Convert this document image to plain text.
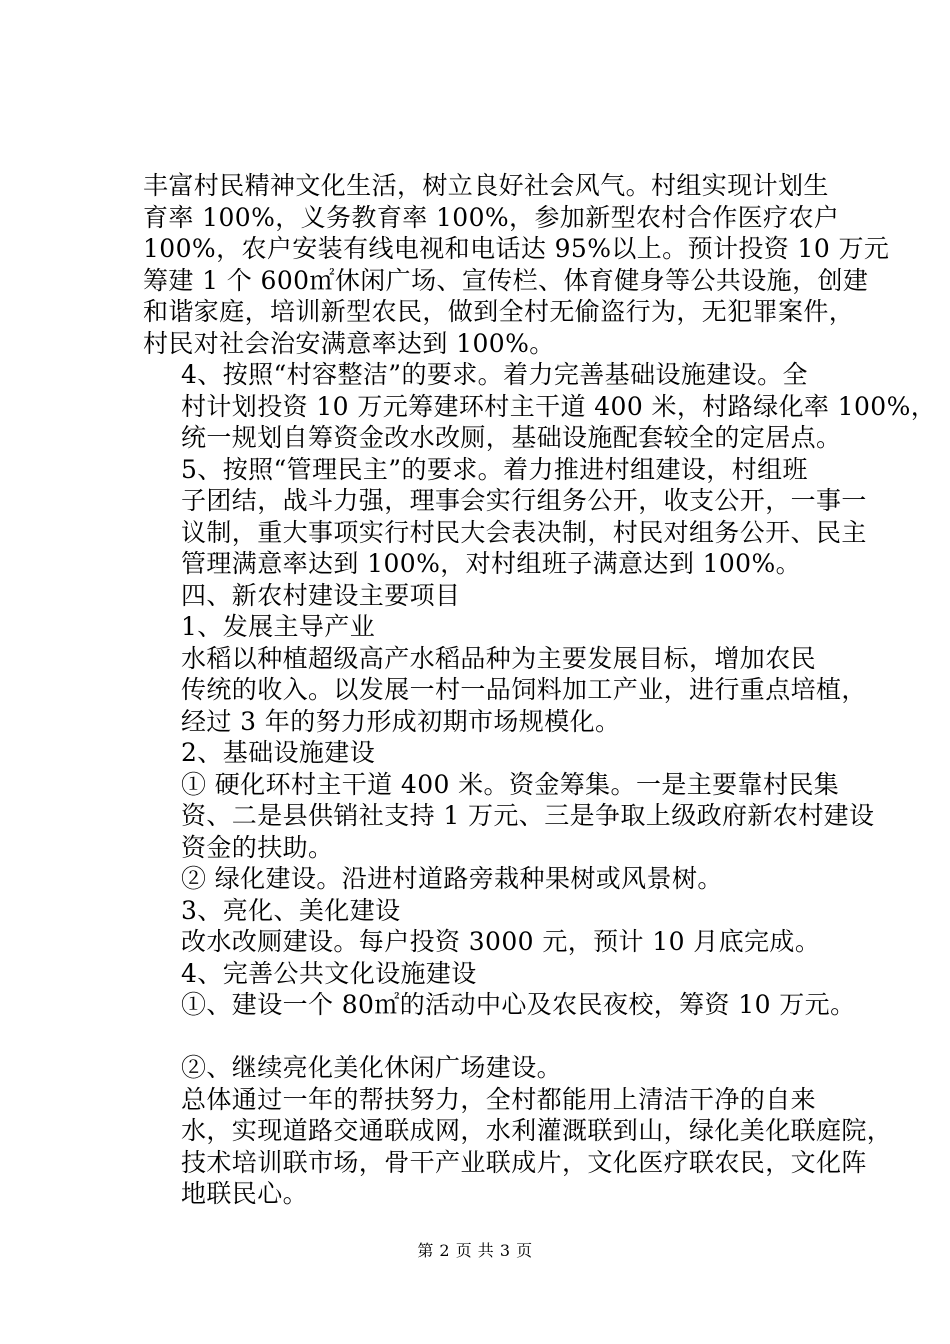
丰富村民精神文化生活，树立良好社会风气。村组实现计划生
育率 100%，义务教育率 100%，参加新型农村合作医疗农户
100%，农户安装有线电视和电话达 95%以上。预计投资 10 万元
筹建 1 个 600㎡休闲广场、宣传栏、体育健身等公共设施，创建
和谐家庭，培训新型农民，做到全村无偷盗行为，无犯罪案件，
村民对社会治安满意率达到 100%。

4、按照“村容整洁”的要求。着力完善基础设施建设。全
村计划投资 10 万元筹建环村主干道 400 米，村路绿化率 100%，
统一规划自筹资金改水改厕，基础设施配套较全的定居点。

5、按照“管理民主”的要求。着力推进村组建设，村组班
子团结，战斗力强，理事会实行组务公开，收支公开，一事一
议制，重大事项实行村民大会表决制，村民对组务公开、民主
管理满意率达到 100%，对村组班子满意达到 100%。

四、新农村建设主要项目

1、发展主导产业

水稻以种植超级高产水稻品种为主要发展目标，增加农民
传统的收入。以发展一村一品饲料加工产业，进行重点培植，
经过 3 年的努力形成初期市场规模化。

2、基础设施建设

① 硬化环村主干道 400 米。资金筹集。一是主要靠村民集
资、二是县供销社支持 1 万元、三是争取上级政府新农村建设
资金的扶助。

② 绿化建设。沿进村道路旁栽种果树或风景树。

3、亮化、美化建设

改水改厕建设。每户投资 3000 元，预计 10 月底完成。

4、完善公共文化设施建设

①、建设一个 80㎡的活动中心及农民夜校，筹资 10 万元。

②、继续亮化美化休闲广场建设。

总体通过一年的帮扶努力，全村都能用上清洁干净的自来
水，实现道路交通联成网，水利灌溉联到山，绿化美化联庭院，
技术培训联市场，骨干产业联成片，文化医疗联农民，文化阵
地联民心。

第 2 页 共 3 页
